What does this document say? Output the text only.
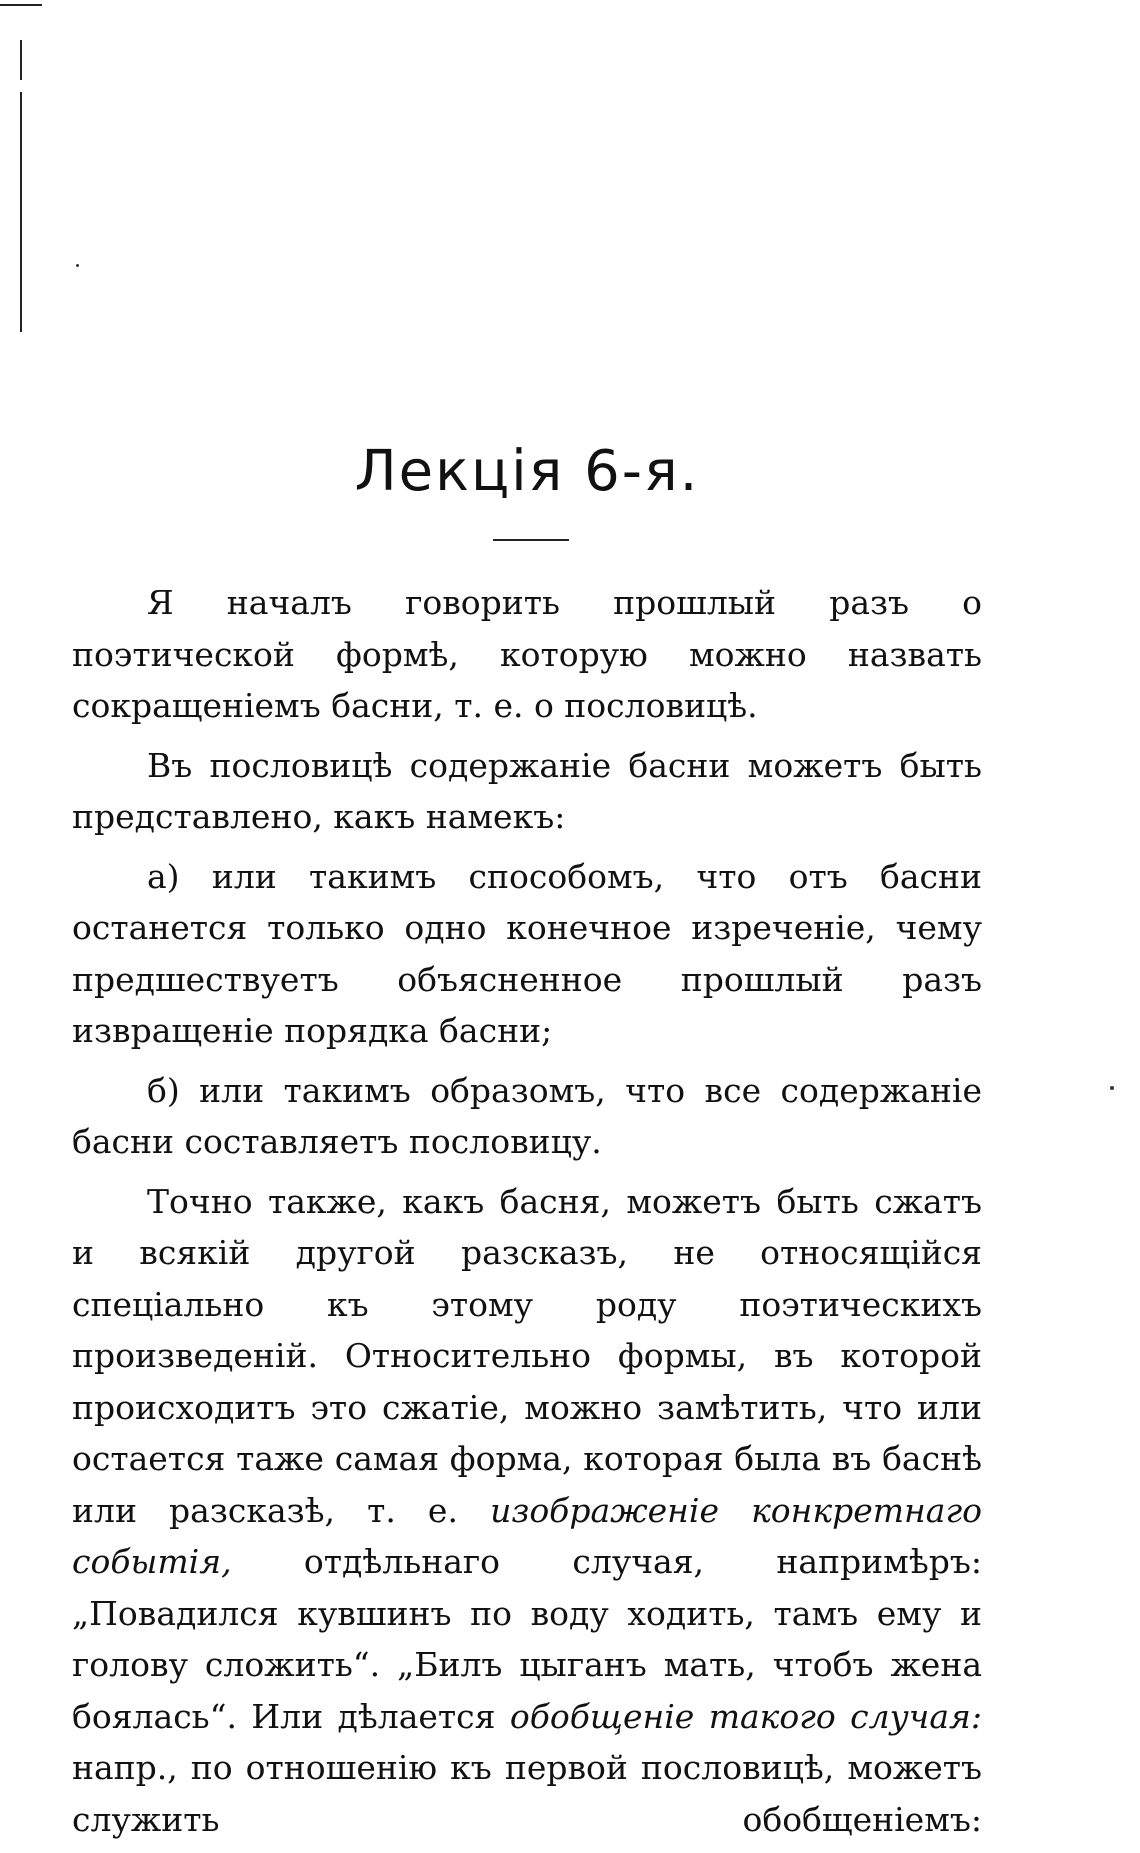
Лекція 6-я.

Я началъ говорить прошлый разъ о поэтической формѣ, которую можно назвать сокращеніемъ басни, т. е. о пословицѣ.

Въ пословицѣ содержаніе басни можетъ быть представлено, какъ намекъ:

а) или такимъ способомъ, что отъ басни останется только одно конечное изреченіе, чему предшествуетъ объясненное прошлый разъ извращеніе порядка басни;

б) или такимъ образомъ, что все содержаніе басни составляетъ пословицу.

Точно также, какъ басня, можетъ быть сжатъ и всякій другой разсказъ, не относящійся спеціально къ этому роду поэтическихъ произведеній. Относительно формы, въ которой происходитъ это сжатіе, можно замѣтить, что или остается таже самая форма, которая была въ баснѣ или разсказѣ, т. е. изображеніе конкретнаго событія, отдѣльнаго случая, напримѣръ: „Повадился кувшинъ по воду ходить, тамъ ему и голову сложить“. „Билъ цыганъ мать, чтобъ жена боялась“. Или дѣлается обобщеніе такого случая: напр., по отношенію къ первой пословицѣ, можетъ служить обобщеніемъ:
